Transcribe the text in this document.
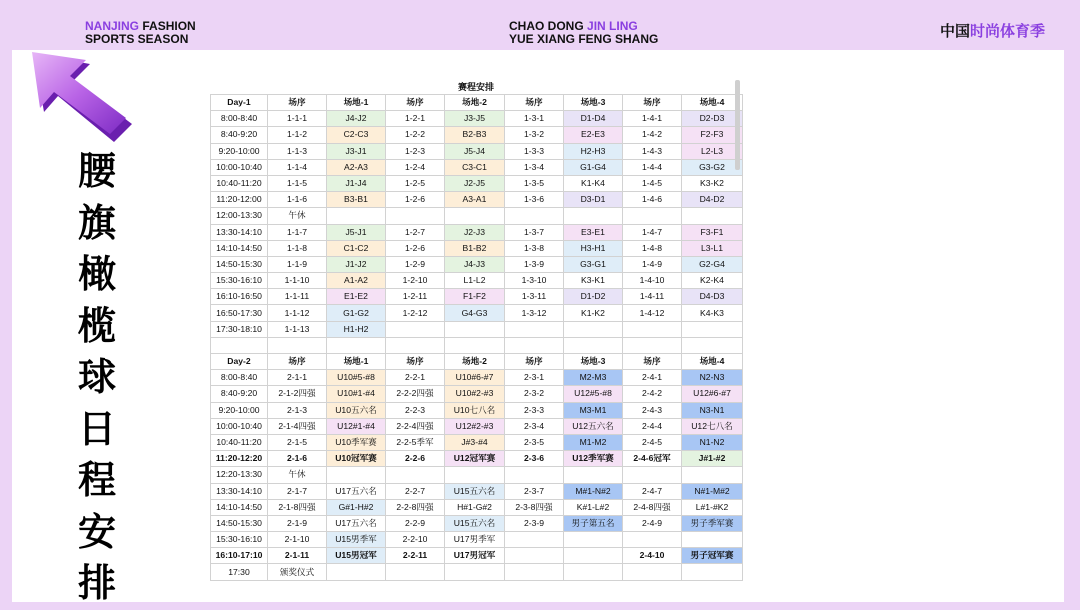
NANJING FASHION
SPORTS SEASON
CHAO DONG JIN LING
YUE XIANG FENG SHANG	中国时尚体育季
腰
旗
橄
榄
球
日
程
安
排
赛程安排
Day-1	场序	场地-1	场序	场地-2	场序	场地-3	场序	场地-4
8:00-8:40	1-1-1	J4-J2	1-2-1	J3-J5	1-3-1	D1-D4	1-4-1	D2-D3
8:40-9:20	1-1-2	C2-C3	1-2-2	B2-B3	1-3-2	E2-E3	1-4-2	F2-F3
9:20-10:00	1-1-3	J3-J1	1-2-3	J5-J4	1-3-3	H2-H3	1-4-3	L2-L3
10:00-10:40	1-1-4	A2-A3	1-2-4	C3-C1	1-3-4	G1-G4	1-4-4	G3-G2
10:40-11:20	1-1-5	J1-J4	1-2-5	J2-J5	1-3-5	K1-K4	1-4-5	K3-K2
11:20-12:00	1-1-6	B3-B1	1-2-6	A3-A1	1-3-6	D3-D1	1-4-6	D4-D2
12:00-13:30	午休							
13:30-14:10	1-1-7	J5-J1	1-2-7	J2-J3	1-3-7	E3-E1	1-4-7	F3-F1
14:10-14:50	1-1-8	C1-C2	1-2-6	B1-B2	1-3-8	H3-H1	1-4-8	L3-L1
14:50-15:30	1-1-9	J1-J2	1-2-9	J4-J3	1-3-9	G3-G1	1-4-9	G2-G4
15:30-16:10	1-1-10	A1-A2	1-2-10	L1-L2	1-3-10	K3-K1	1-4-10	K2-K4
16:10-16:50	1-1-11	E1-E2	1-2-11	F1-F2	1-3-11	D1-D2	1-4-11	D4-D3
16:50-17:30	1-1-12	G1-G2	1-2-12	G4-G3	1-3-12	K1-K2	1-4-12	K4-K3
17:30-18:10	1-1-13	H1-H2						

Day-2	场序	场地-1	场序	场地-2	场序	场地-3	场序	场地-4
8:00-8:40	2-1-1	U10#5-#8	2-2-1	U10#6-#7	2-3-1	M2-M3	2-4-1	N2-N3
8:40-9:20	2-1-2四强	U10#1-#4	2-2-2四强	U10#2-#3	2-3-2	U12#5-#8	2-4-2	U12#6-#7
9:20-10:00	2-1-3	U10五六名	2-2-3	U10七八名	2-3-3	M3-M1	2-4-3	N3-N1
10:00-10:40	2-1-4四强	U12#1-#4	2-2-4四强	U12#2-#3	2-3-4	U12五六名	2-4-4	U12七八名
10:40-11:20	2-1-5	U10季军赛	2-2-5季军	J#3-#4	2-3-5	M1-M2	2-4-5	N1-N2
11:20-12:20	2-1-6	U10冠军赛	2-2-6	U12冠军赛	2-3-6	U12季军赛	2-4-6冠军	J#1-#2
12:20-13:30	午休							
13:30-14:10	2-1-7	U17五六名	2-2-7	U15五六名	2-3-7	M#1-N#2	2-4-7	N#1-M#2
14:10-14:50	2-1-8四强	G#1-H#2	2-2-8四强	H#1-G#2	2-3-8四强	K#1-L#2	2-4-8四强	L#1-#K2
14:50-15:30	2-1-9	U17五六名	2-2-9	U15五六名	2-3-9	男子第五名	2-4-9	男子季军赛
15:30-16:10	2-1-10	U15男季军	2-2-10	U17男季军				
16:10-17:10	2-1-11	U15男冠军	2-2-11	U17男冠军			2-4-10	男子冠军赛
17:30	颁奖仪式							
